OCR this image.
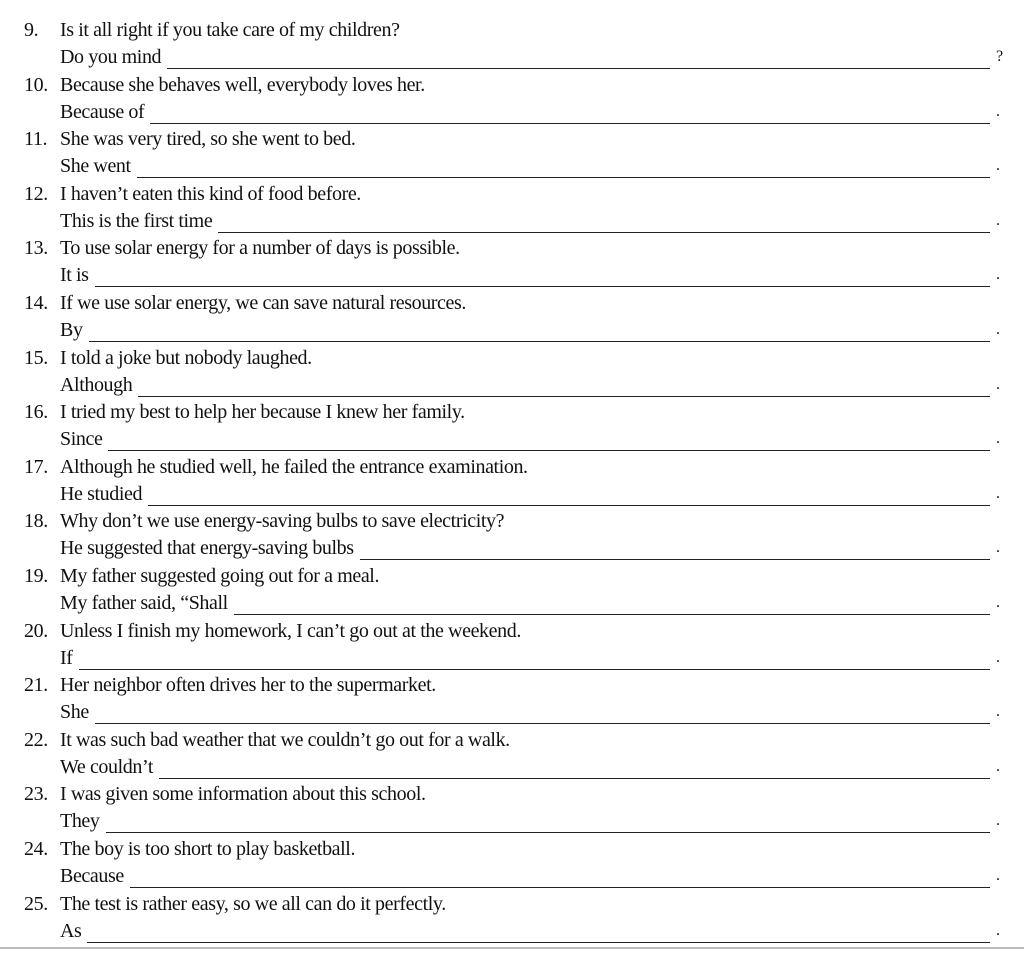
9. Is it all right if you take care of my children?
Do you mind	?
10. Because she behaves well, everybody loves her.
Because of	.
11. She was very tired, so she went to bed.
She went	.
12. I haven’t eaten this kind of food before.
This is the first time	.
13. To use solar energy for a number of days is possible.
It is	.
14. If we use solar energy, we can save natural resources.
By	.
15. I told a joke but nobody laughed.
Although	.
16. I tried my best to help her because I knew her family.
Since	.
17. Although he studied well, he failed the entrance examination.
He studied	.
18. Why don’t we use energy-saving bulbs to save electricity?
He suggested that energy-saving bulbs	.
19. My father suggested going out for a meal.
My father said, “Shall	.
20. Unless I finish my homework, I can’t go out at the weekend.
If	.
21. Her neighbor often drives her to the supermarket.
She	.
22. It was such bad weather that we couldn’t go out for a walk.
We couldn’t	.
23. I was given some information about this school.
They	.
24. The boy is too short to play basketball.
Because	.
25. The test is rather easy, so we all can do it perfectly.
As	.
